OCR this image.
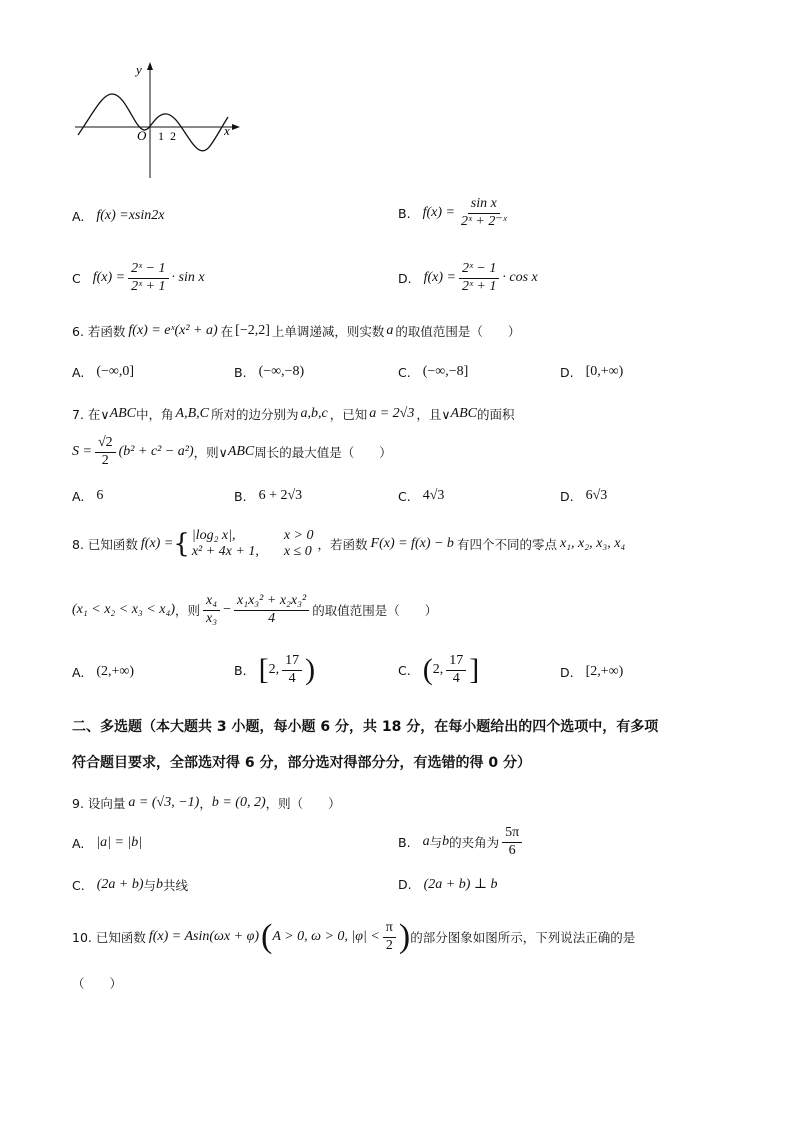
y
x
O 1 2
A. f(x) = xsin2x	B. $f(x) = \frac{\text{sin x}}{\text{2ˣ + 2⁻ˣ}}$
C $f(x) = \frac{\text{2ˣ − 1}}{\text{2ˣ + 1}} \cdot \sin x$	D. $f(x) = \frac{\text{2ˣ − 1}}{\text{2ˣ + 1}} \cdot \cos x$
6. 若函数 f(x) = eˣ(x² + a) 在 [−2,2] 上单调递减，则实数 a 的取值范围是（　　）
A. (−∞,0]	B. (−∞,−8)	C. (−∞,−8]	D. [0,+∞)
7. 在∨ ABC 中，角 A,B,C 所对的边分别为 a,b,c ，已知 a = 2√3 ，且∨ ABC 的面积
$S = \frac{√2}{2} (b^2 + c^2 - a^2)$ ，则∨ ABC 周长的最大值是（　　）
A. 6	B. 6 + 2√3	C. 4√3	D. 6√3
8. 已知函数 f(x) = { |log₂ x|,	x > 0
x² + 4x + 1,	x ≤ 0 ，若函数 F(x) = f(x) − b 有四个不同的零点 x₁, x₂, x₃, x₄
(x₁ < x₂ < x₃ < x₄) ，则 $\frac{\text{x₄}}{\text{x₃}} - \frac{\text{x₁x₃² + x₂x₃²}}{4}$ 的取值范围是（　　）
A. (2,+∞)	B. [ 2, $\frac{17}{4}$ )	C. ( 2, $\frac{17}{4}$ ]	D. [2,+∞)
二、多选题（本大题共 3 小题，每小题 6 分，共 18 分，在每小题给出的四个选项中，有多项
符合题目要求，全部选对得 6 分，部分选对得部分分，有选错的得 0 分）
9. 设向量 a = (√3, −1) ， b = (0, 2) ，则（　　）
A. |a| = |b|	B. a 与 b 的夹角为 $\frac{5\pi}{6}$
C. (2a + b) 与 b 共线	D. (2a + b) ⊥ b
10. 已知函数 f(x) = Asin(ωx + φ) ( A > 0, ω > 0, $|\varphi| < \frac{\pi}{2}$ ) 的部分图象如图所示，下列说法正确的是
（　　）
